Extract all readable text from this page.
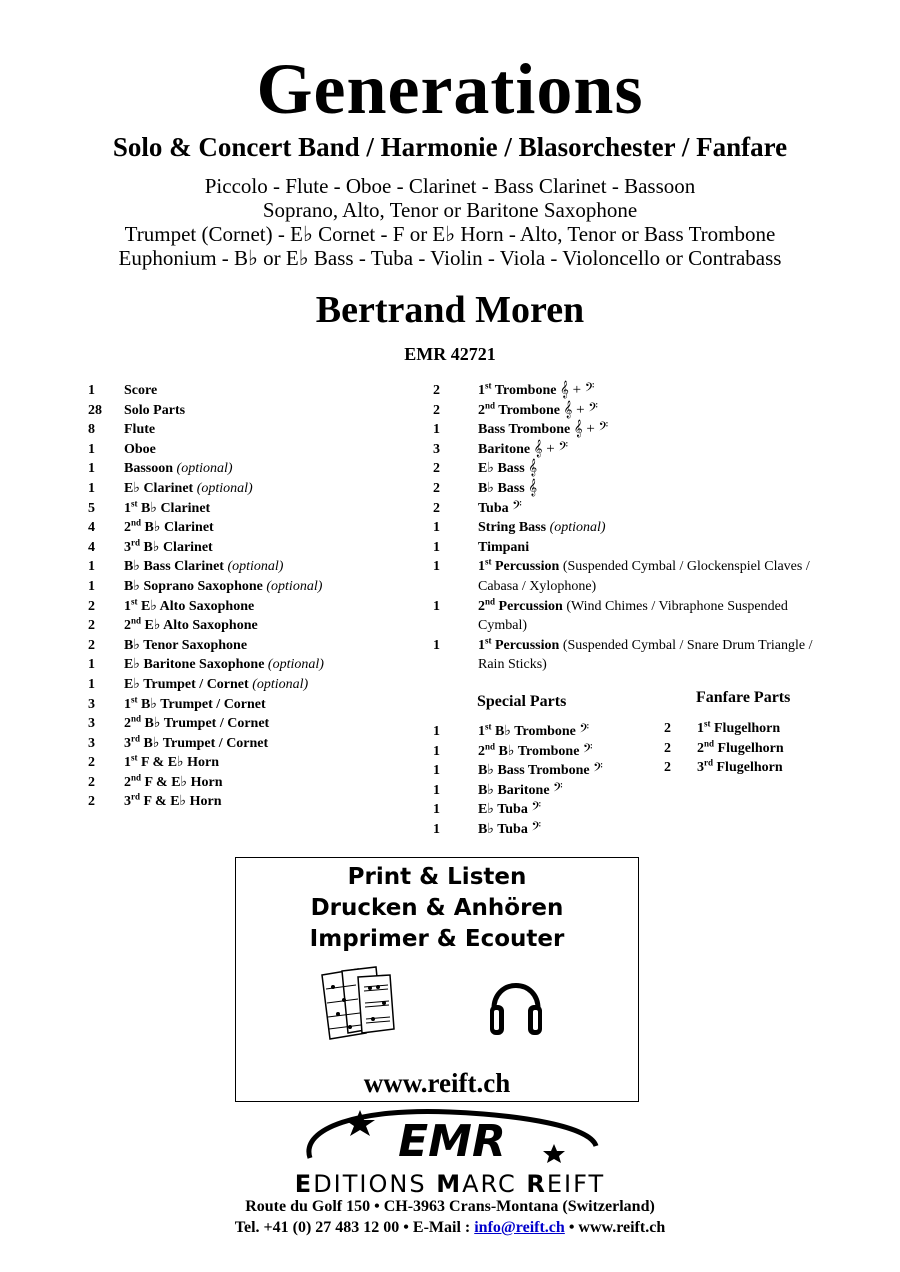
Generations
Solo & Concert Band / Harmonie / Blasorchester / Fanfare
Piccolo - Flute - Oboe - Clarinet - Bass Clarinet - Bassoon
Soprano, Alto, Tenor or Baritone Saxophone
Trumpet (Cornet) - E♭ Cornet - F or E♭ Horn - Alto, Tenor or Bass Trombone
Euphonium - B♭ or E♭ Bass - Tuba - Violin - Viola - Violoncello or Contrabass
Bertrand Moren
EMR 42721
1 Score
28 Solo Parts
8 Flute
1 Oboe
1 Bassoon (optional)
1 E♭ Clarinet (optional)
5 1st B♭ Clarinet
4 2nd B♭ Clarinet
4 3rd B♭ Clarinet
1 B♭ Bass Clarinet (optional)
1 B♭ Soprano Saxophone (optional)
2 1st E♭ Alto Saxophone
2 2nd E♭ Alto Saxophone
2 B♭ Tenor Saxophone
1 E♭ Baritone Saxophone (optional)
1 E♭ Trumpet / Cornet (optional)
3 1st B♭ Trumpet / Cornet
3 2nd B♭ Trumpet / Cornet
3 3rd B♭ Trumpet / Cornet
2 1st F & E♭ Horn
2 2nd F & E♭ Horn
2 3rd F & E♭ Horn
2	1st Trombone 𝄞 + 𝄢
2	2nd Trombone 𝄞 + 𝄢
1	Bass Trombone 𝄞 + 𝄢
3	Baritone 𝄞 + 𝄢
2	E♭ Bass 𝄞
2	B♭ Bass 𝄞
2	Tuba 𝄢
1	String Bass (optional)
1	Timpani
1	1st Percussion (Suspended Cymbal / Glockenspiel Claves / Cabasa / Xylophone)
1	2nd Percussion (Wind Chimes / Vibraphone Suspended Cymbal)
1	1st Percussion (Suspended Cymbal / Snare Drum Triangle / Rain Sticks)
Special Parts
1	1st B♭ Trombone 𝄢
1	2nd B♭ Trombone 𝄢
1	B♭ Bass Trombone 𝄢
1	B♭ Baritone 𝄢
1	E♭ Tuba 𝄢
1	B♭ Tuba 𝄢
Fanfare Parts
2 1st Flugelhorn
2 2nd Flugelhorn
2 3rd Flugelhorn
Print & Listen
Drucken & Anhören
Imprimer & Ecouter
www.reift.ch
EMR
EDITIONS MARC REIFT
Route du Golf 150 • CH-3963 Crans-Montana (Switzerland)
Tel. +41 (0) 27 483 12 00 • E-Mail : info@reift.ch • www.reift.ch
